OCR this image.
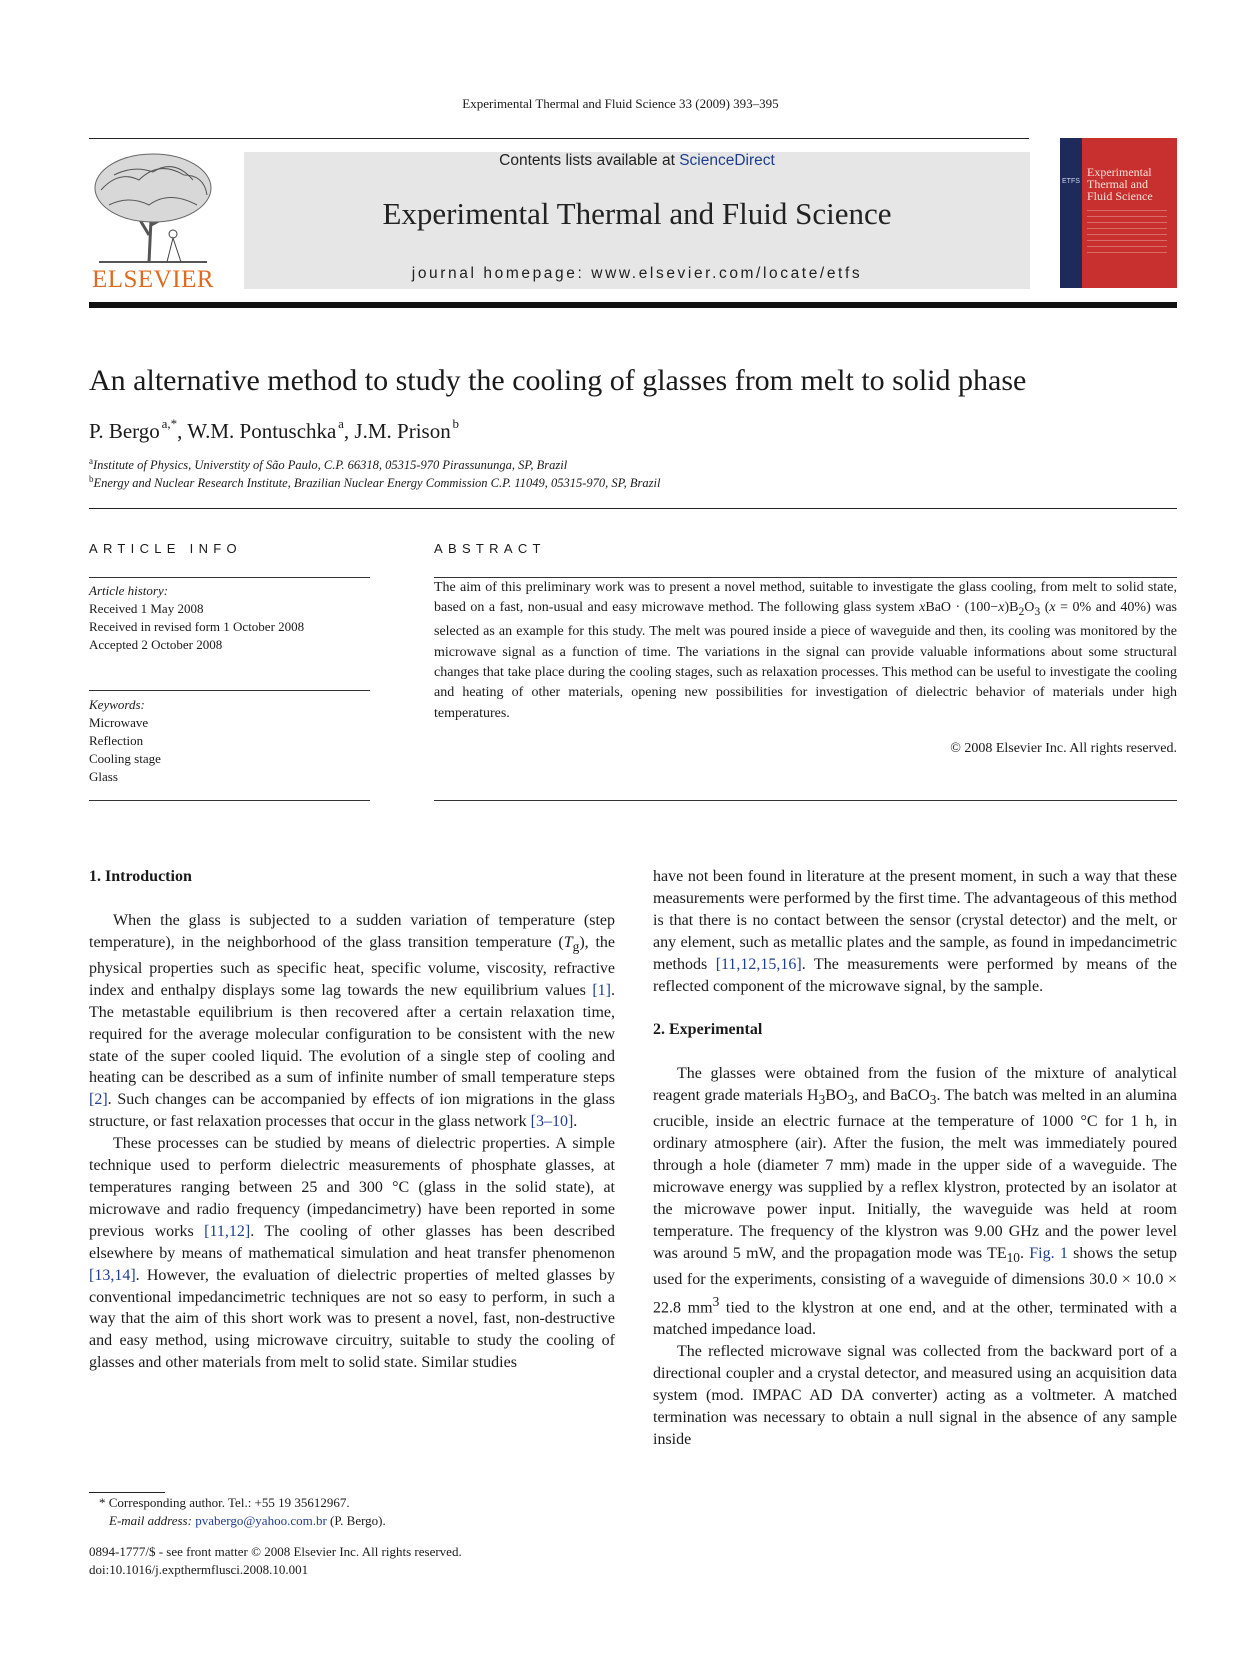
Experimental Thermal and Fluid Science 33 (2009) 393–395
ELSEVIER
Contents lists available at ScienceDirect
Experimental Thermal and Fluid Science
journal homepage: www.elsevier.com/locate/etfs
ETFS
Experimental Thermal and Fluid Science
An alternative method to study the cooling of glasses from melt to solid phase
P. Bergo  $^{a,*}$, W.M. Pontuschka  $^a$, J.M. Prison  $^b$
$^a$Institute of Physics, Universtity of São Paulo, C.P. 66318, 05315-970 Pirassununga, SP, Brazil
$^b$Energy and Nuclear Research Institute, Brazilian Nuclear Energy Commission C.P. 11049, 05315-970, SP, Brazil
ARTICLE INFO
Article history:
Received 1 May 2008
Received in revised form 1 October 2008
Accepted 2 October 2008
Keywords:
Microwave
Reflection
Cooling stage
Glass
ABSTRACT
The aim of this preliminary work was to present a novel method, suitable to investigate the glass cooling, from melt to solid state, based on a fast, non-usual and easy microwave method. The following glass system xBaO · $(100-x)B_2O_3$ (x = 0% and 40%) was selected as an example for this study. The melt was poured inside a piece of waveguide and then, its cooling was monitored by the microwave signal as a function of time. The variations in the signal can provide valuable informations about some structural changes that take place during the cooling stages, such as relaxation processes. This method can be useful to investigate the cooling and heating of other materials, opening new possibilities for investigation of dielectric behavior of materials under high temperatures.
© 2008 Elsevier Inc. All rights reserved.
1. Introduction

When the glass is subjected to a sudden variation of temperature (step temperature), in the neighborhood of the glass transition temperature $(T_g)$, the physical properties such as specific heat, specific volume, viscosity, refractive index and enthalpy displays some lag towards the new equilibrium values [1]. The metastable equilibrium is then recovered after a certain relaxation time, required for the average molecular configuration to be consistent with the new state of the super cooled liquid. The evolution of a single step of cooling and heating can be described as a sum of infinite number of small temperature steps [2]. Such changes can be accompanied by effects of ion migrations in the glass structure, or fast relaxation processes that occur in the glass network [3–10].

These processes can be studied by means of dielectric properties. A simple technique used to perform dielectric measurements of phosphate glasses, at temperatures ranging between 25 and 300 °C (glass in the solid state), at microwave and radio frequency (impedancimetry) have been reported in some previous works [11,12]. The cooling of other glasses has been described elsewhere by means of mathematical simulation and heat transfer phenomenon [13,14]. However, the evaluation of dielectric properties of melted glasses by conventional impedancimetric techniques are not so easy to perform, in such a way that the aim of this short work was to present a novel, fast, non-destructive and easy method, using microwave circuitry, suitable to study the cooling of glasses and other materials from melt to solid state. Similar studies

have not been found in literature at the present moment, in such a way that these measurements were performed by the first time. The advantageous of this method is that there is no contact between the sensor (crystal detector) and the melt, or any element, such as metallic plates and the sample, as found in impedancimetric methods [11,12,15,16]. The measurements were performed by means of the reflected component of the microwave signal, by the sample.

2. Experimental

The glasses were obtained from the fusion of the mixture of analytical reagent grade materials $H_3BO_3$, and BaCO$_3$. The batch was melted in an alumina crucible, inside an electric furnace at the temperature of 1000 °C for 1 h, in ordinary atmosphere (air). After the fusion, the melt was immediately poured through a hole (diameter 7 mm) made in the upper side of a waveguide. The microwave energy was supplied by a reflex klystron, protected by an isolator at the microwave power input. Initially, the waveguide was held at room temperature. The frequency of the klystron was 9.00 GHz and the power level was around 5 mW, and the propagation mode was $TE_{10}$. Fig. 1 shows the setup used for the experiments, consisting of a waveguide of dimensions 30.0 × 10.0 × 22.8 $mm^3$ tied to the klystron at one end, and at the other, terminated with a matched impedance load.

The reflected microwave signal was collected from the backward port of a directional coupler and a crystal detector, and measured using an acquisition data system (mod. IMPAC AD DA converter) acting as a voltmeter. A matched termination was necessary to obtain a null signal in the absence of any sample inside

* Corresponding author. Tel.: +55 19 35612967.
E-mail address: pvabergo@yahoo.com.br (P. Bergo).
0894-1777/$ - see front matter © 2008 Elsevier Inc. All rights reserved.
doi:10.1016/j.expthermflusci.2008.10.001
